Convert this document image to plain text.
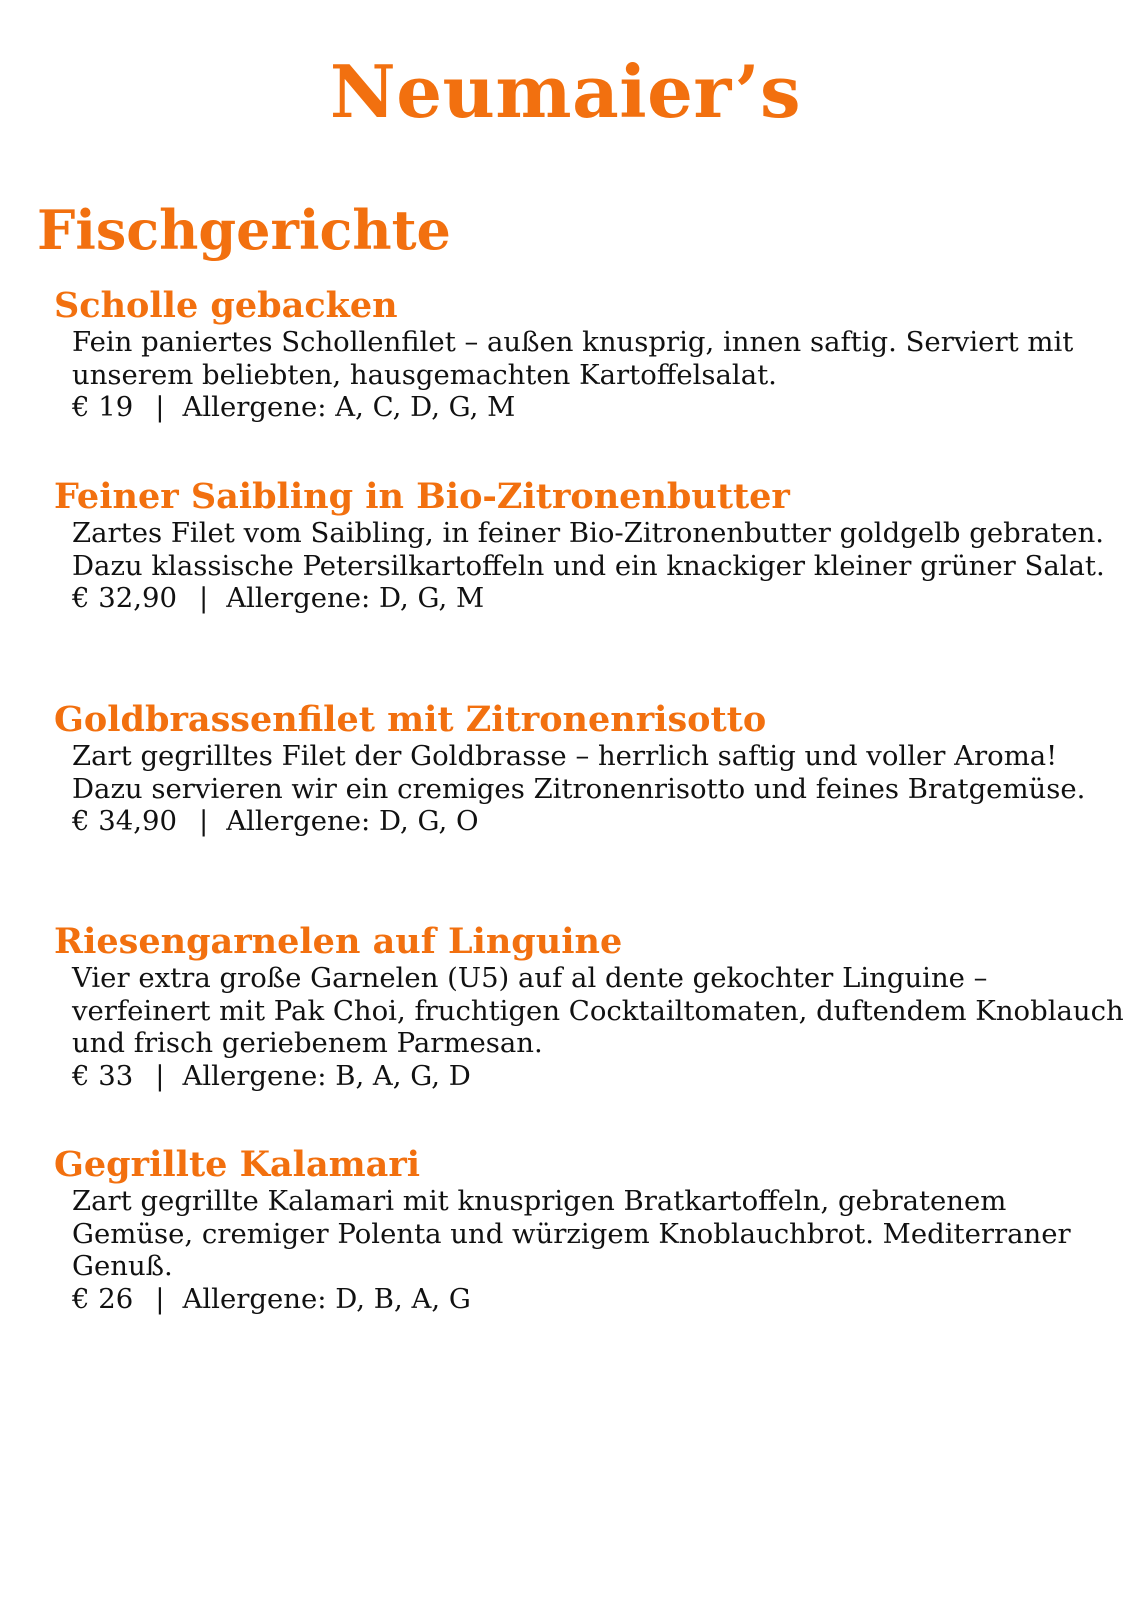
Neumaier’s
Fischgerichte
Scholle gebacken

Fein paniertes Schollenfilet – außen knusprig, innen saftig. Serviert mit unserem beliebten, hausgemachten Kartoffelsalat.

€ 19 | Allergene: A, C, D, G, M

Feiner Saibling in Bio-Zitronenbutter

Zartes Filet vom Saibling, in feiner Bio-Zitronenbutter goldgelb gebraten. Dazu klassische Petersilkartoffeln und ein knackiger kleiner grüner Salat.

€ 32,90 | Allergene: D, G, M

Goldbrassenfilet mit Zitronenrisotto

Zart gegrilltes Filet der Goldbrasse – herrlich saftig und voller Aroma! Dazu servieren wir ein cremiges Zitronenrisotto und feines Bratgemüse.

€ 34,90 | Allergene: D, G, O

Riesengarnelen auf Linguine

Vier extra große Garnelen (U5) auf al dente gekochter Linguine – verfeinert mit Pak Choi, fruchtigen Cocktailtomaten, duftendem Knoblauch und frisch geriebenem Parmesan.

€ 33 | Allergene: B, A, G, D

Gegrillte Kalamari

Zart gegrillte Kalamari mit knusprigen Bratkartoffeln, gebratenem Gemüse, cremiger Polenta und würzigem Knoblauchbrot. Mediterraner Genuß.

€ 26 | Allergene: D, B, A, G
